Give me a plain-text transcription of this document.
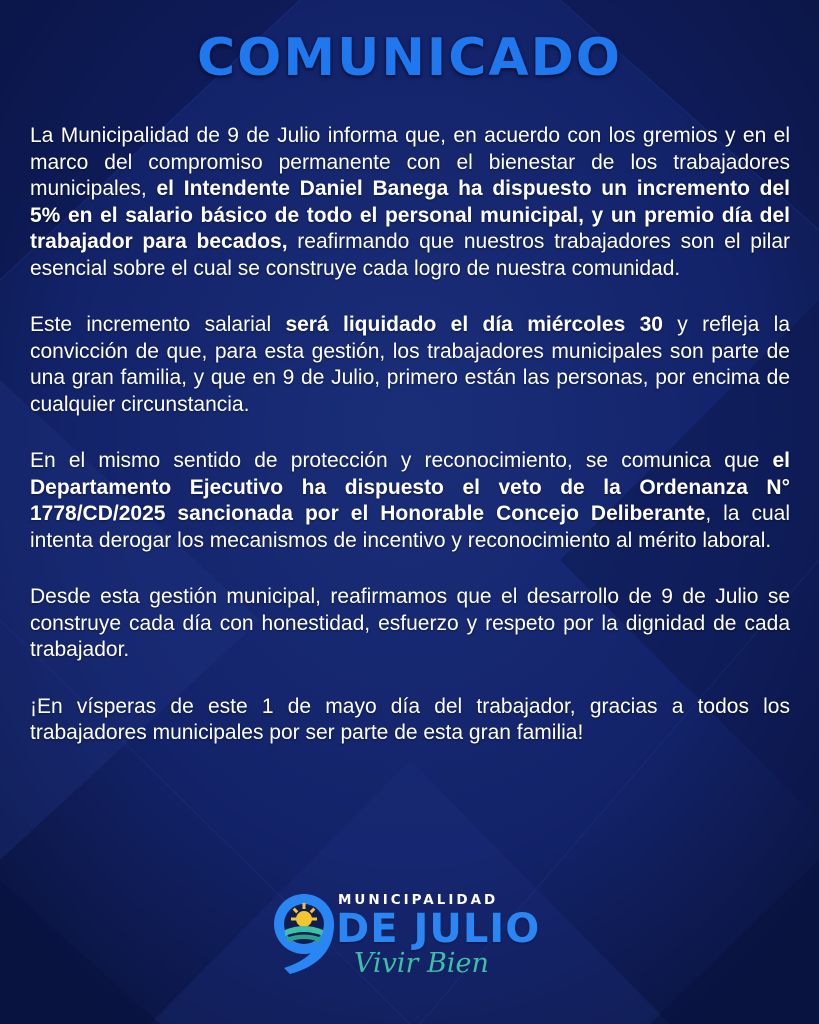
COMUNICADO

La Municipalidad de 9 de Julio informa que, en acuerdo con los gremios y en el marco del compromiso permanente con el bienestar de los trabajadores municipales, el Intendente Daniel Banega ha dispuesto un incremento del 5% en el salario básico de todo el personal municipal, y un premio día del trabajador para becados, reafirmando que nuestros trabajadores son el pilar esencial sobre el cual se construye cada logro de nuestra comunidad.

Este incremento salarial será liquidado el día miércoles 30 y refleja la convicción de que, para esta gestión, los trabajadores municipales son parte de una gran familia, y que en 9 de Julio, primero están las personas, por encima de cualquier circunstancia.

En el mismo sentido de protección y reconocimiento, se comunica que el Departamento Ejecutivo ha dispuesto el veto de la Ordenanza N° 1778/CD/2025 sancionada por el Honorable Concejo Deliberante, la cual intenta derogar los mecanismos de incentivo y reconocimiento al mérito laboral.

Desde esta gestión municipal, reafirmamos que el desarrollo de 9 de Julio se construye cada día con honestidad, esfuerzo y respeto por la dignidad de cada trabajador.

¡En vísperas de este 1 de mayo día del trabajador, gracias a todos los trabajadores municipales por ser parte de esta gran familia!

MUNICIPALIDAD
DE JULIO
Vivir Bien
